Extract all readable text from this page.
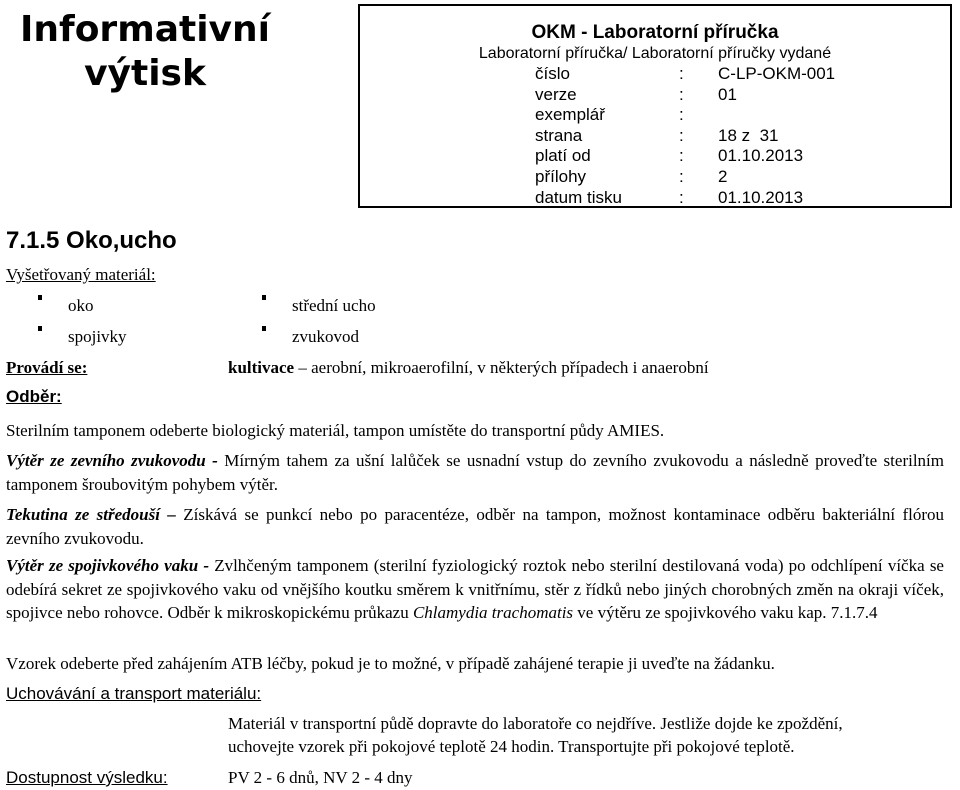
Informativní
výtisk
OKM - Laboratorní příručka
Laboratorní příručka/ Laboratorní příručky vydané
číslo	: C-LP-OKM-001
verze	: 01
exemplář	:
strana	: 18 z  31
platí od	: 01.10.2013
přílohy	: 2
datum tisku	: 01.10.2013
7.1.5 Oko,ucho
Vyšetřovaný materiál:
oko	střední ucho
spojivky	zvukovod
Provádí se:	kultivace – aerobní, mikroaerofilní, v některých případech i anaerobní
Odběr:
Sterilním tamponem odeberte biologický materiál, tampon umístěte do transportní půdy AMIES.
Výtěr ze zevního zvukovodu - Mírným tahem za ušní lalůček se usnadní vstup do zevního zvukovodu a následně proveďte sterilním tamponem šroubovitým pohybem výtěr.
Tekutina ze středouší – Získává se punkcí nebo po paracentéze, odběr na tampon, možnost kontaminace odběru bakteriální flórou zevního zvukovodu.
Výtěr ze spojivkového vaku - Zvlhčeným tamponem (sterilní fyziologický roztok nebo sterilní destilovaná voda) po odchlípení víčka se odebírá sekret ze spojivkového vaku od vnějšího koutku směrem k vnitřnímu, stěr z řídků nebo jiných chorobných změn na okraji víček, spojivce nebo rohovce. Odběr k mikroskopickému průkazu Chlamydia trachomatis ve výtěru ze spojivkového vaku kap. 7.1.7.4
Vzorek odeberte před zahájením ATB léčby, pokud je to možné, v případě zahájené terapie ji uveďte na žádanku.
Uchovávání a transport materiálu:
Materiál v transportní půdě dopravte do laboratoře co nejdříve. Jestliže dojde ke zpoždění,
uchovejte vzorek při pokojové teplotě 24 hodin. Transportujte při pokojové teplotě.
Dostupnost výsledku:	PV 2 - 6 dnů, NV 2 - 4 dny
